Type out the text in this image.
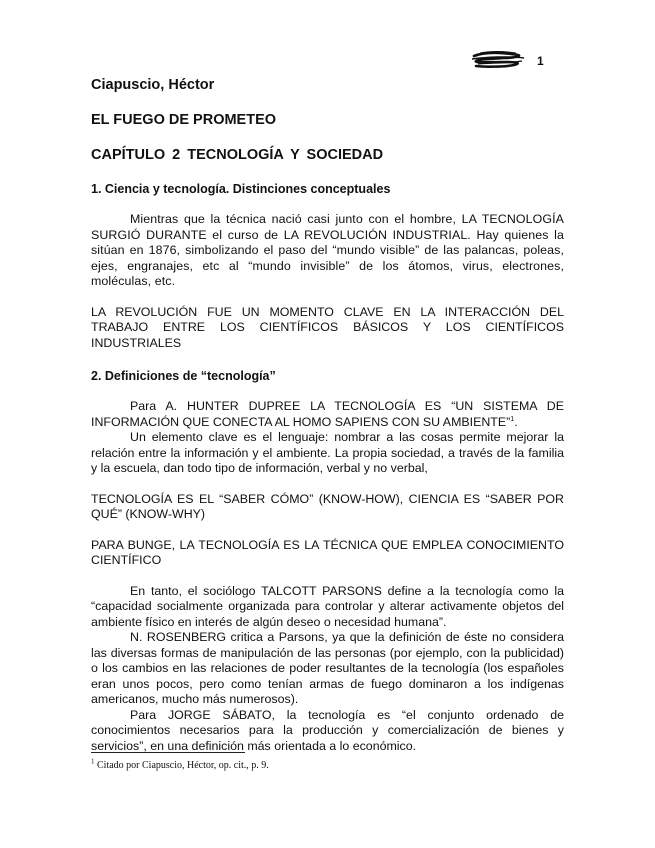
1
Ciapuscio, Héctor
EL FUEGO DE PROMETEO
CAPÍTULO 2 TECNOLOGÍA Y SOCIEDAD
1. Ciencia y tecnología. Distinciones conceptuales

Mientras que la técnica nació casi junto con el hombre, LA TECNOLOGÍA SURGIÓ DURANTE el curso de LA REVOLUCIÓN INDUSTRIAL. Hay quienes la sitúan en 1876, simbolizando el paso del “mundo visible” de las palancas, poleas, ejes, engranajes, etc al “mundo invisible” de los átomos, virus, electrones, moléculas, etc.

LA REVOLUCIÓN FUE UN MOMENTO CLAVE EN LA INTERACCIÓN DEL TRABAJO ENTRE LOS CIENTÍFICOS BÁSICOS Y LOS CIENTÍFICOS INDUSTRIALES

2. Definiciones de “tecnología”

Para A. HUNTER DUPREE LA TECNOLOGÍA ES “UN SISTEMA DE INFORMACIÓN QUE CONECTA AL HOMO SAPIENS CON SU AMBIENTE”$^1$.

Un elemento clave es el lenguaje: nombrar a las cosas permite mejorar la relación entre la información y el ambiente. La propia sociedad, a través de la familia y la escuela, dan todo tipo de información, verbal y no verbal,

TECNOLOGÍA ES EL “SABER CÓMO” (KNOW-HOW), CIENCIA ES “SABER POR QUÉ” (KNOW-WHY)

PARA BUNGE, LA TECNOLOGÍA ES LA TÉCNICA QUE EMPLEA CONOCIMIENTO CIENTÍFICO

En tanto, el sociólogo TALCOTT PARSONS define a la tecnología como la “capacidad socialmente organizada para controlar y alterar activamente objetos del ambiente físico en interés de algún deseo o necesidad humana”.

N. ROSENBERG critica a Parsons, ya que la definición de éste no considera las diversas formas de manipulación de las personas (por ejemplo, con la publicidad) o los cambios en las relaciones de poder resultantes de la tecnología (los españoles eran unos pocos, pero como tenían armas de fuego dominaron a los indígenas americanos, mucho más numerosos).

Para JORGE SÁBATO, la tecnología es “el conjunto ordenado de conocimientos necesarios para la producción y comercialización de bienes y servicios”, en una definición más orientada a lo económico.

$^1$ Citado por Ciapuscio, Héctor, op. cit., p. 9.
